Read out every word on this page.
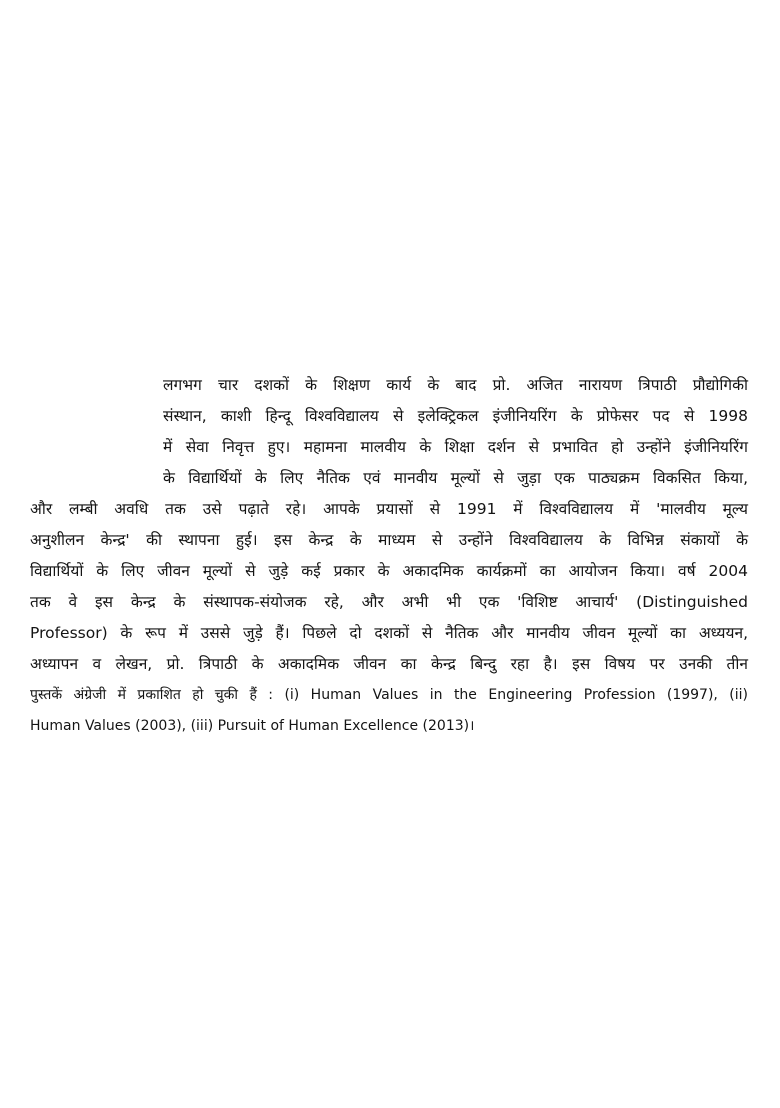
लगभग चार दशकों के शिक्षण कार्य के बाद प्रो. अजित नारायण त्रिपाठी प्रौद्योगिकी
संस्थान, काशी हिन्दू विश्वविद्यालय से इलेक्ट्रिकल इंजीनियरिंग के प्रोफेसर पद से 1998
में सेवा निवृत्त हुए। महामना मालवीय के शिक्षा दर्शन से प्रभावित हो उन्होंने इंजीनियरिंग
के विद्यार्थियों के लिए नैतिक एवं मानवीय मूल्यों से जुड़ा एक पाठ्यक्रम विकसित किया,
और लम्बी अवधि तक उसे पढ़ाते रहे। आपके प्रयासों से 1991 में विश्वविद्यालय में 'मालवीय मूल्य
अनुशीलन केन्द्र' की स्थापना हुई। इस केन्द्र के माध्यम से उन्होंने विश्वविद्यालय के विभिन्न संकायों के
विद्यार्थियों के लिए जीवन मूल्यों से जुड़े कई प्रकार के अकादमिक कार्यक्रमों का आयोजन किया। वर्ष 2004
तक वे इस केन्द्र के संस्थापक-संयोजक रहे, और अभी भी एक 'विशिष्ट आचार्य' (Distinguished
Professor) के रूप में उससे जुड़े हैं। पिछले दो दशकों से नैतिक और मानवीय जीवन मूल्यों का अध्ययन,
अध्यापन व लेखन, प्रो. त्रिपाठी के अकादमिक जीवन का केन्द्र बिन्दु रहा है। इस विषय पर उनकी तीन
पुस्तकें अंग्रेजी में प्रकाशित हो चुकी हैं : (i) Human Values in the Engineering Profession (1997), (ii)
Human Values (2003), (iii) Pursuit of Human Excellence (2013)।
